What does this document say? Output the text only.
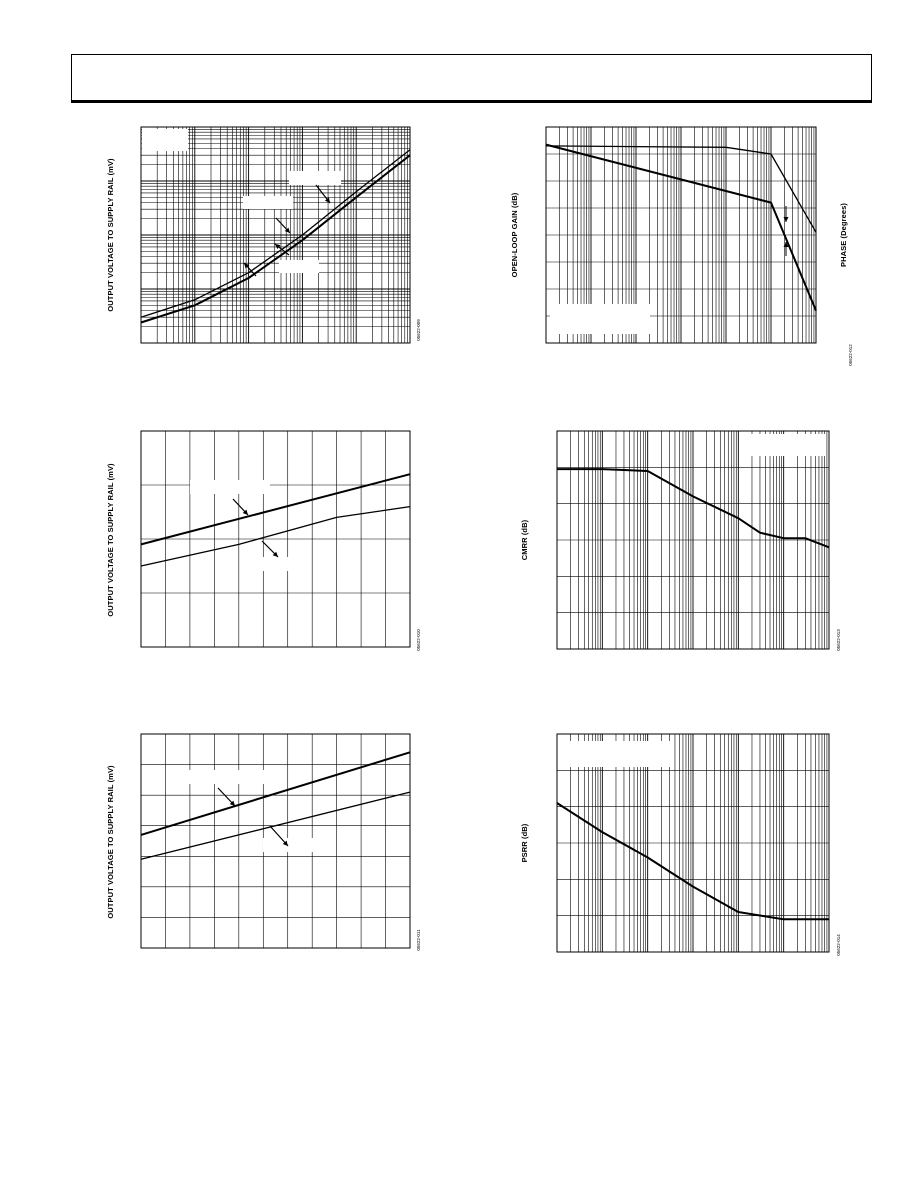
OUTPUT VOLTAGE TO SUPPLY RAIL (mV)
05622-009
OUTPUT VOLTAGE TO SUPPLY RAIL (mV)
05622-010
OUTPUT VOLTAGE TO SUPPLY RAIL (mV)
05622-011
OPEN-LOOP GAIN (dB)	PHASE (Degrees)
05622-012
CMRR (dB)
05622-013
PSRR (dB)
05622-014
